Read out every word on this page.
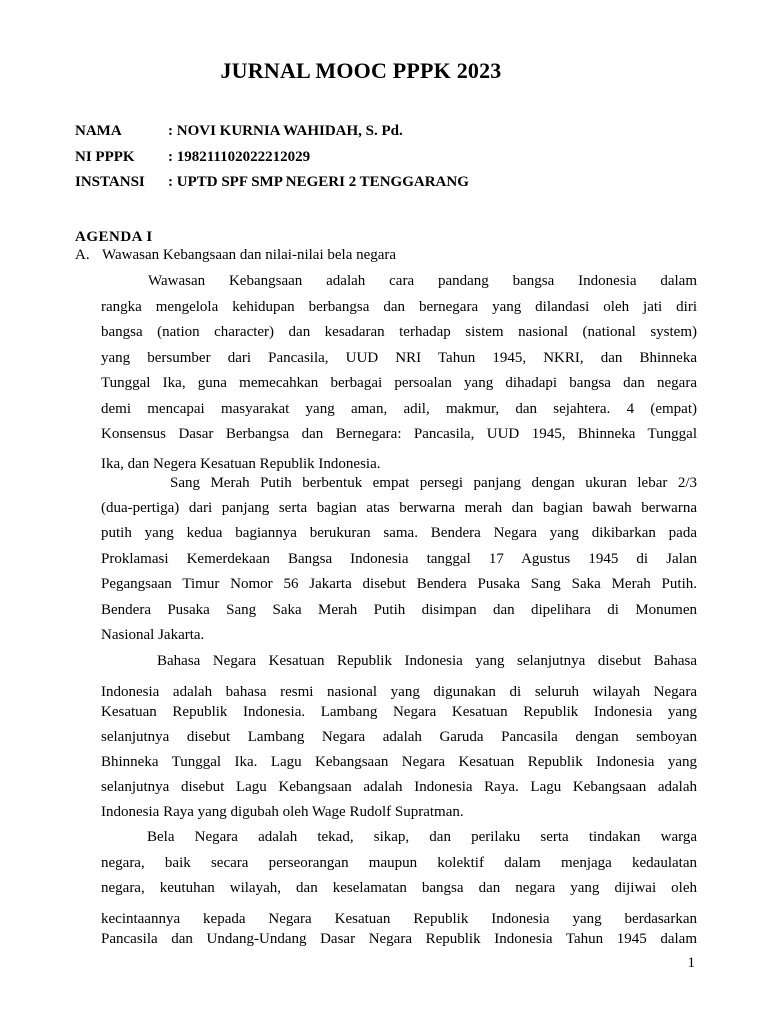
JURNAL MOOC PPPK 2023
NAMA	: NOVI KURNIA WAHIDAH, S. Pd.
NI PPPK : 198211102022212029
INSTANSI : UPTD SPF SMP NEGERI 2 TENGGARANG
AGENDA I
A. Wawasan Kebangsaan dan nilai-nilai bela negara
Wawasan Kebangsaan adalah cara pandang bangsa Indonesia dalam
rangka mengelola kehidupan berbangsa dan bernegara yang dilandasi oleh jati diri
bangsa (nation character) dan kesadaran terhadap sistem nasional (national system)
yang bersumber dari Pancasila, UUD NRI Tahun 1945, NKRI, dan Bhinneka
Tunggal Ika, guna memecahkan berbagai persoalan yang dihadapi bangsa dan negara
demi mencapai masyarakat yang aman, adil, makmur, dan sejahtera. 4 (empat)
Konsensus Dasar Berbangsa dan Bernegara: Pancasila, UUD 1945, Bhinneka Tunggal
Ika, dan Negera Kesatuan Republik Indonesia.
Sang Merah Putih berbentuk empat persegi panjang dengan ukuran lebar 2/3
(dua-pertiga) dari panjang serta bagian atas berwarna merah dan bagian bawah berwarna
putih yang kedua bagiannya berukuran sama. Bendera Negara yang dikibarkan pada
Proklamasi Kemerdekaan Bangsa Indonesia tanggal 17 Agustus 1945 di Jalan
Pegangsaan Timur Nomor 56 Jakarta disebut Bendera Pusaka Sang Saka Merah Putih.
Bendera Pusaka Sang Saka Merah Putih disimpan dan dipelihara di Monumen
Nasional Jakarta.
Bahasa Negara Kesatuan Republik Indonesia yang selanjutnya disebut Bahasa
Indonesia adalah bahasa resmi nasional yang digunakan di seluruh wilayah Negara
Kesatuan Republik Indonesia. Lambang Negara Kesatuan Republik Indonesia yang
selanjutnya disebut Lambang Negara adalah Garuda Pancasila dengan semboyan
Bhinneka Tunggal Ika. Lagu Kebangsaan Negara Kesatuan Republik Indonesia yang
selanjutnya disebut Lagu Kebangsaan adalah Indonesia Raya. Lagu Kebangsaan adalah
Indonesia Raya yang digubah oleh Wage Rudolf Supratman.
Bela Negara adalah tekad, sikap, dan perilaku serta tindakan warga
negara, baik secara perseorangan maupun kolektif dalam menjaga kedaulatan
negara, keutuhan wilayah, dan keselamatan bangsa dan negara yang dijiwai oleh
kecintaannya kepada Negara Kesatuan Republik Indonesia yang berdasarkan
Pancasila dan Undang-Undang Dasar Negara Republik Indonesia Tahun 1945 dalam
1
